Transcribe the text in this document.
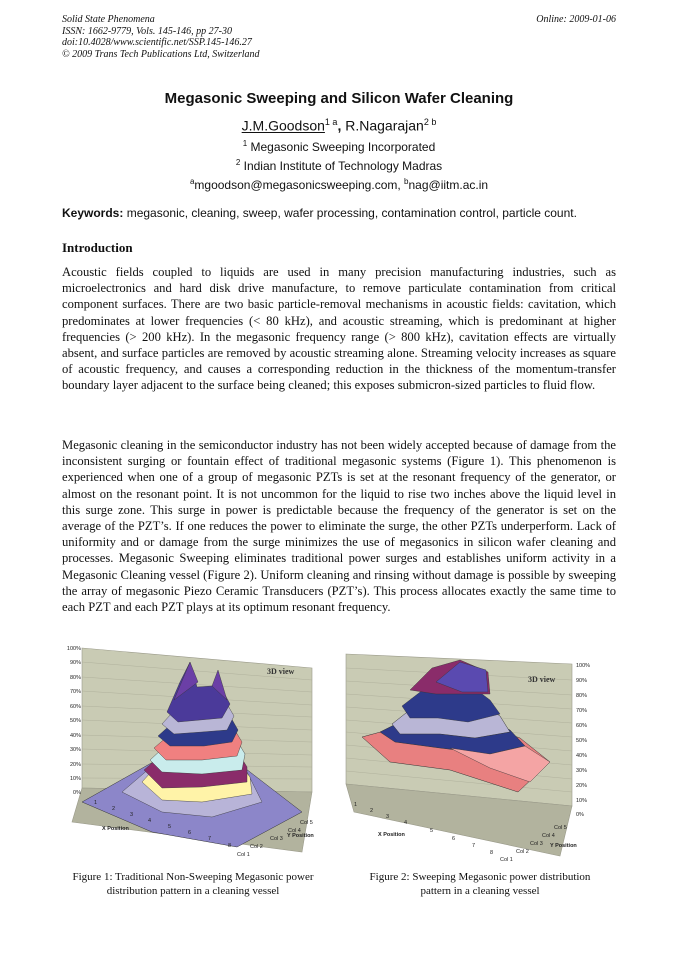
Solid State Phenomena
ISSN: 1662-9779, Vols. 145-146, pp 27-30
doi:10.4028/www.scientific.net/SSP.145-146.27
© 2009 Trans Tech Publications Ltd, Switzerland
Online: 2009-01-06
Megasonic Sweeping and Silicon Wafer Cleaning
J.M.Goodson$^{1 a}$, R.Nagarajan$^{2 b}$
$^1$ Megasonic Sweeping Incorporated
$^2$ Indian Institute of Technology Madras
$^a$mgoodson@megasonicsweeping.com, $^b$nag@iitm.ac.in
Keywords: megasonic, cleaning, sweep, wafer processing, contamination control, particle count.
Introduction

Acoustic fields coupled to liquids are used in many precision manufacturing industries, such as microelectronics and hard disk drive manufacture, to remove particulate contamination from critical component surfaces. There are two basic particle-removal mechanisms in acoustic fields: cavitation, which predominates at lower frequencies (< 80 kHz), and acoustic streaming, which is predominant at higher frequencies (> 200 kHz). In the megasonic frequency range (> 800 kHz), cavitation effects are virtually absent, and surface particles are removed by acoustic streaming alone. Streaming velocity increases as square of acoustic frequency, and causes a corresponding reduction in the thickness of the momentum-transfer boundary layer adjacent to the surface being cleaned; this exposes submicron-sized particles to fluid flow.

Megasonic cleaning in the semiconductor industry has not been widely accepted because of damage from the inconsistent surging or fountain effect of traditional megasonic systems (Figure 1). This phenomenon is experienced when one of a group of megasonic PZTs is set at the resonant frequency of the generator, or almost on the resonant point. It is not uncommon for the liquid to rise two inches above the liquid level in this surge zone. This surge in power is predictable because the frequency of the generator is set on the average of the PZT’s. If one reduces the power to eliminate the surge, the other PZTs underperform. Lack of uniformity and or damage from the surge minimizes the use of megasonics in silicon wafer cleaning and processes. Megasonic Sweeping eliminates traditional power surges and establishes uniform activity in a Megasonic Cleaning vessel (Figure 2). Uniform cleaning and rinsing without damage is possible by sweeping the array of megasonic Piezo Ceramic Transducers (PZT’s). This process allocates exactly the same time to each PZT and each PZT plays at its optimum resonant frequency.

100%
90%
80%
70%
60%
50%
40%
30%
20%
10%
0%
3D view
1
2
3
4
5
6
7
8
X Position
Y Position
Col 1
Col 2
Col 3
Col 4
Col 5
Figure 1: Traditional Non-Sweeping Megasonic power
distribution pattern in a cleaning vessel
100%
90%
80%
70%
60%
50%
40%
30%
20%
10%
0%
3D view
1
2
3
4
5
6
7
8
X Position
Y Position
Col 1
Col 2
Col 3
Col 4
Col 5
Figure 2: Sweeping Megasonic power distribution
pattern in a cleaning vessel
